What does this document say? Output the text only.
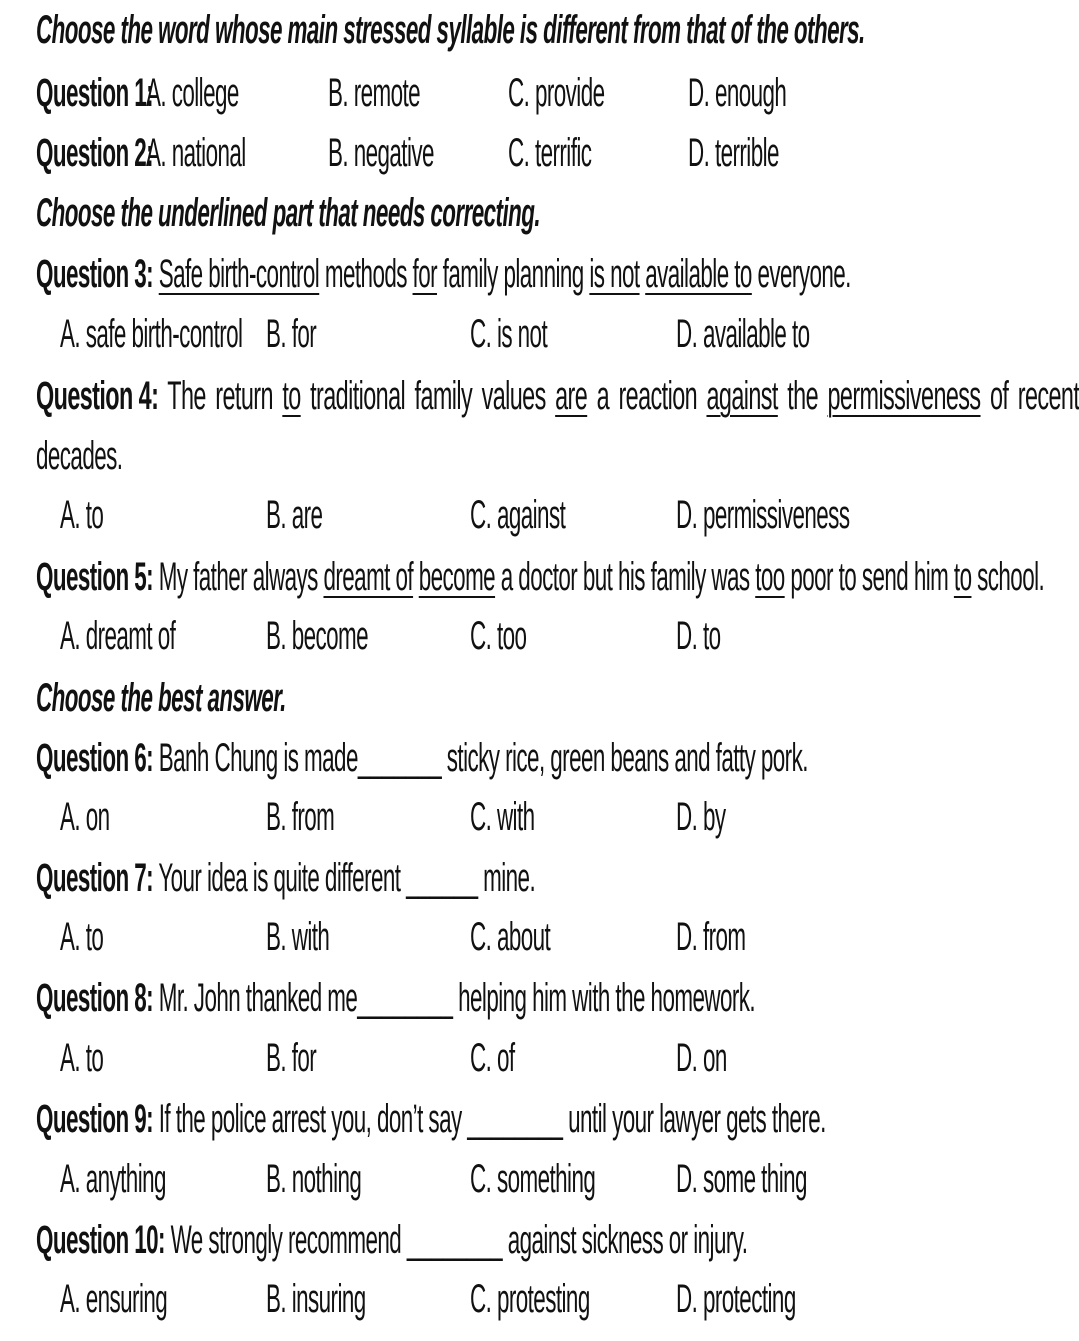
Choose the word whose main stressed syllable is different from that of the others.
Question 1:
A. college B. remote C. provide D. enough
Question 2:
A. national B. negative C. terrific D. terrible
Choose the underlined part that needs correcting.
Question 3: Safe birth-control methods for family planning is not available to everyone.
A. safe birth-control B. for	C. is not	D. available to
Question 4: The return to traditional family values are a reaction against the permissiveness of recent
decades.
A. to	B. are	C. against	D. permissiveness
Question 5: My father always dreamt of become a doctor but his family was too poor to send him to school.
A. dreamt of B. become	C. too	D. to
Choose the best answer.
Question 6: Banh Chung is made_______ sticky rice, green beans and fatty pork.
A. on	B. from	C. with	D. by
Question 7: Your idea is quite different ______ mine.
A. to	B. with	C. about	D. from
Question 8: Mr. John thanked me________ helping him with the homework.
A. to	B. for	C. of	D. on
Question 9: If the police arrest you, don’t say ________ until your lawyer gets there.
A. anything	B. nothing	C. something D. some thing
Question 10: We strongly recommend ________ against sickness or injury.
A. ensuring B. insuring	C. protesting D. protecting
